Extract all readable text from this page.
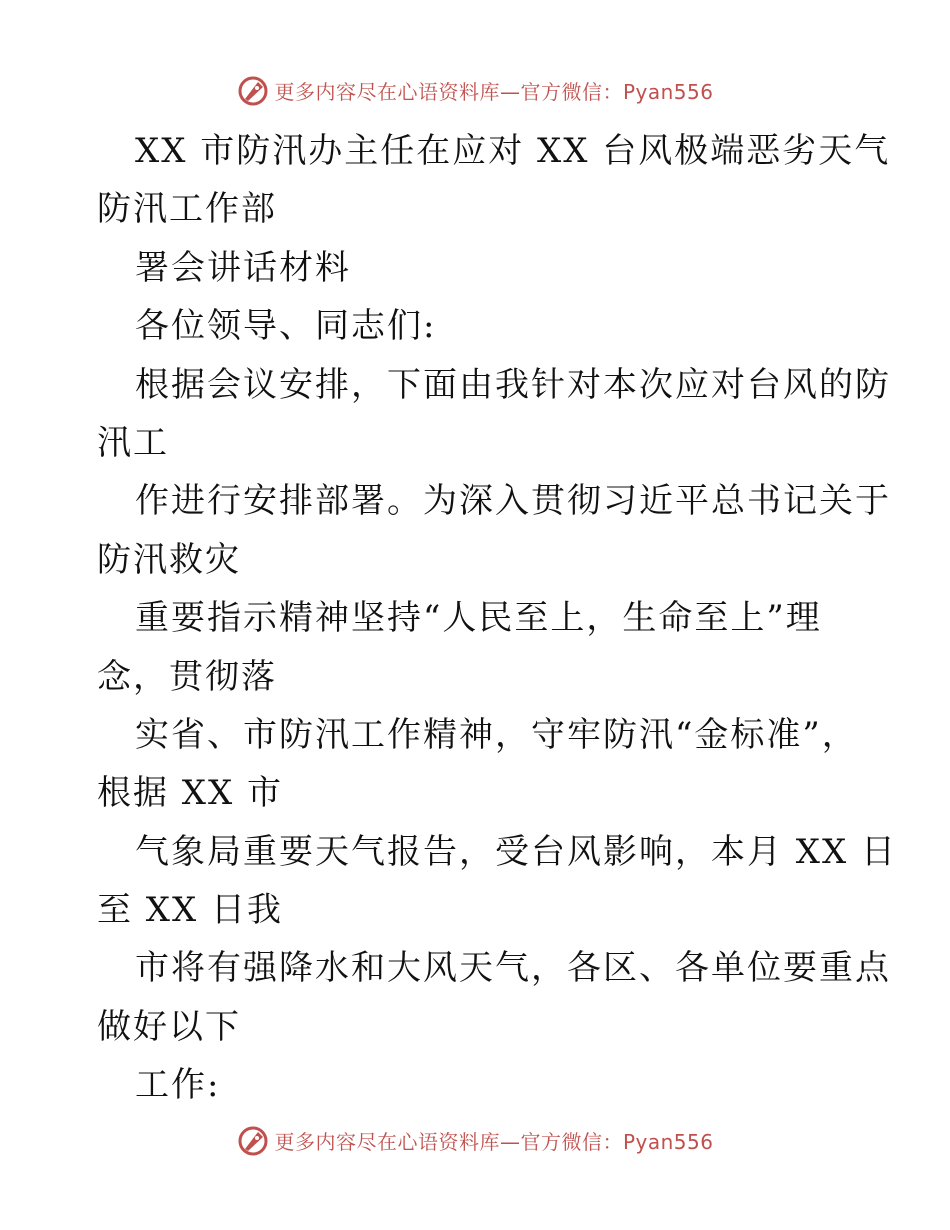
更多内容尽在心语资料库—官方微信：Pyan556
XX 市防汛办主任在应对 XX 台风极端恶劣天气
防汛工作部
署会讲话材料
各位领导、同志们:
根据会议安排，下面由我针对本次应对台风的防
汛工
作进行安排部署。为深入贯彻习近平总书记关于
防汛救灾
重要指示精神坚持“人民至上，生命至上”理
念，贯彻落
实省、市防汛工作精神，守牢防汛“金标准”，
根据 XX 市
气象局重要天气报告，受台风影响，本月 XX 日
至 XX 日我
市将有强降水和大风天气，各区、各单位要重点
做好以下
工作:
更多内容尽在心语资料库—官方微信：Pyan556
